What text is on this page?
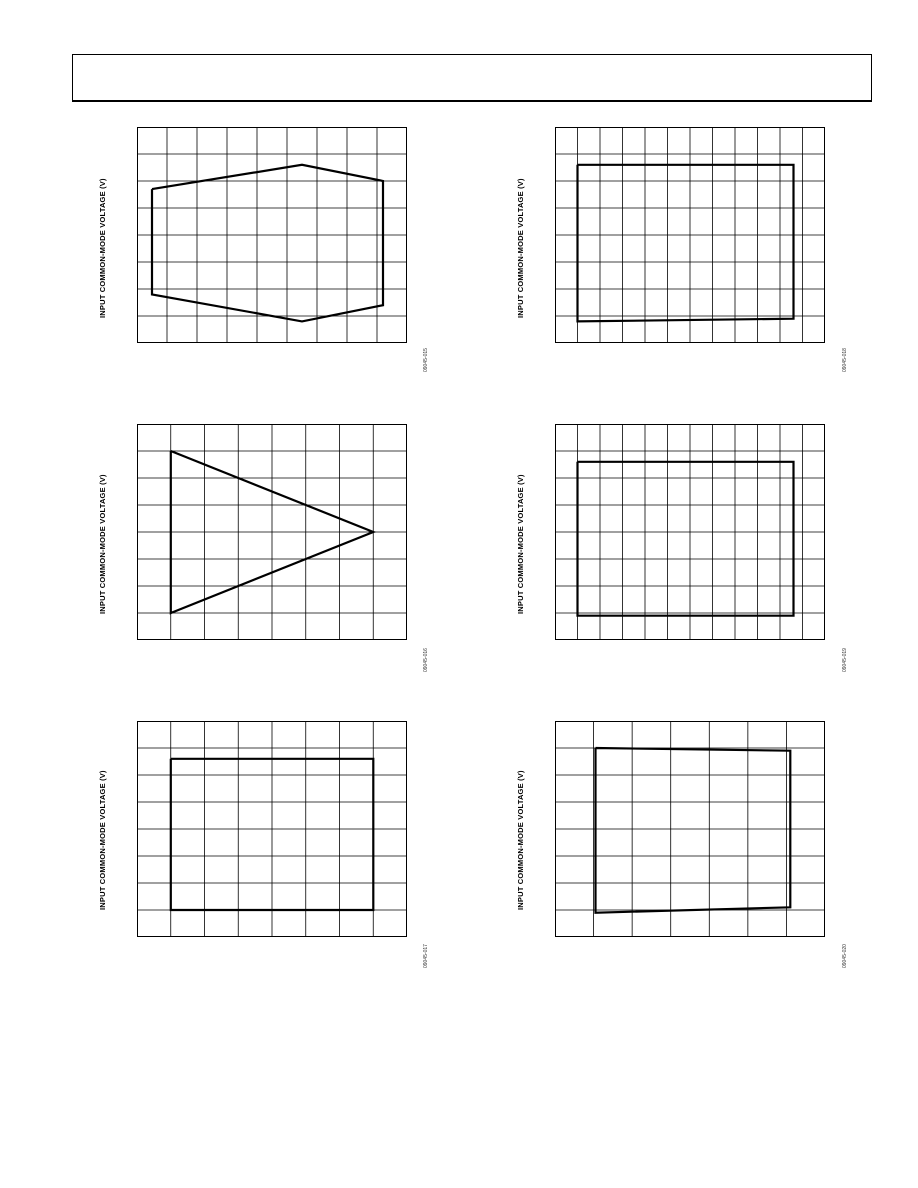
INPUT COMMON-MODE VOLTAGE (V)
09045-015
INPUT COMMON-MODE VOLTAGE (V)
09045-016
INPUT COMMON-MODE VOLTAGE (V)
09045-017
INPUT COMMON-MODE VOLTAGE (V)
09045-018
INPUT COMMON-MODE VOLTAGE (V)
09045-019
INPUT COMMON-MODE VOLTAGE (V)
09045-020
